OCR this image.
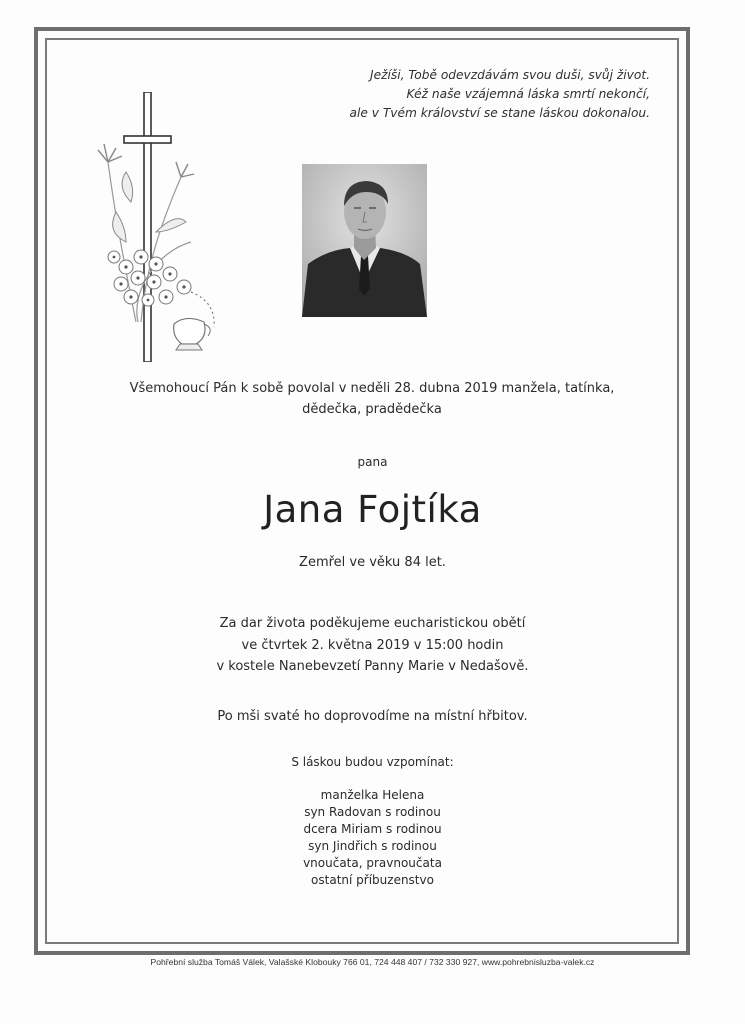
Ježíši, Tobě odevzdávám svou duši, svůj život.
Kéž naše vzájemná láska smrtí nekončí,
ale v Tvém království se stane láskou dokonalou.
Všemohoucí Pán k sobě povolal v neděli 28. dubna 2019 manžela, tatínka,
dědečka, pradědečka
pana
Jana Fojtíka
Zemřel ve věku 84 let.
Za dar života poděkujeme eucharistickou obětí
ve čtvrtek 2. května 2019 v 15:00 hodin
v kostele Nanebevzetí Panny Marie v Nedašově.
Po mši svaté ho doprovodíme na místní hřbitov.
S láskou budou vzpomínat:
manželka Helena
syn Radovan s rodinou
dcera Miriam s rodinou
syn Jindřich s rodinou
vnoučata, pravnoučata
ostatní příbuzenstvo
Pohřební služba Tomáš Válek, Valašské Klobouky 766 01, 724 448 407 / 732 330 927, www.pohrebnisluzba-valek.cz
